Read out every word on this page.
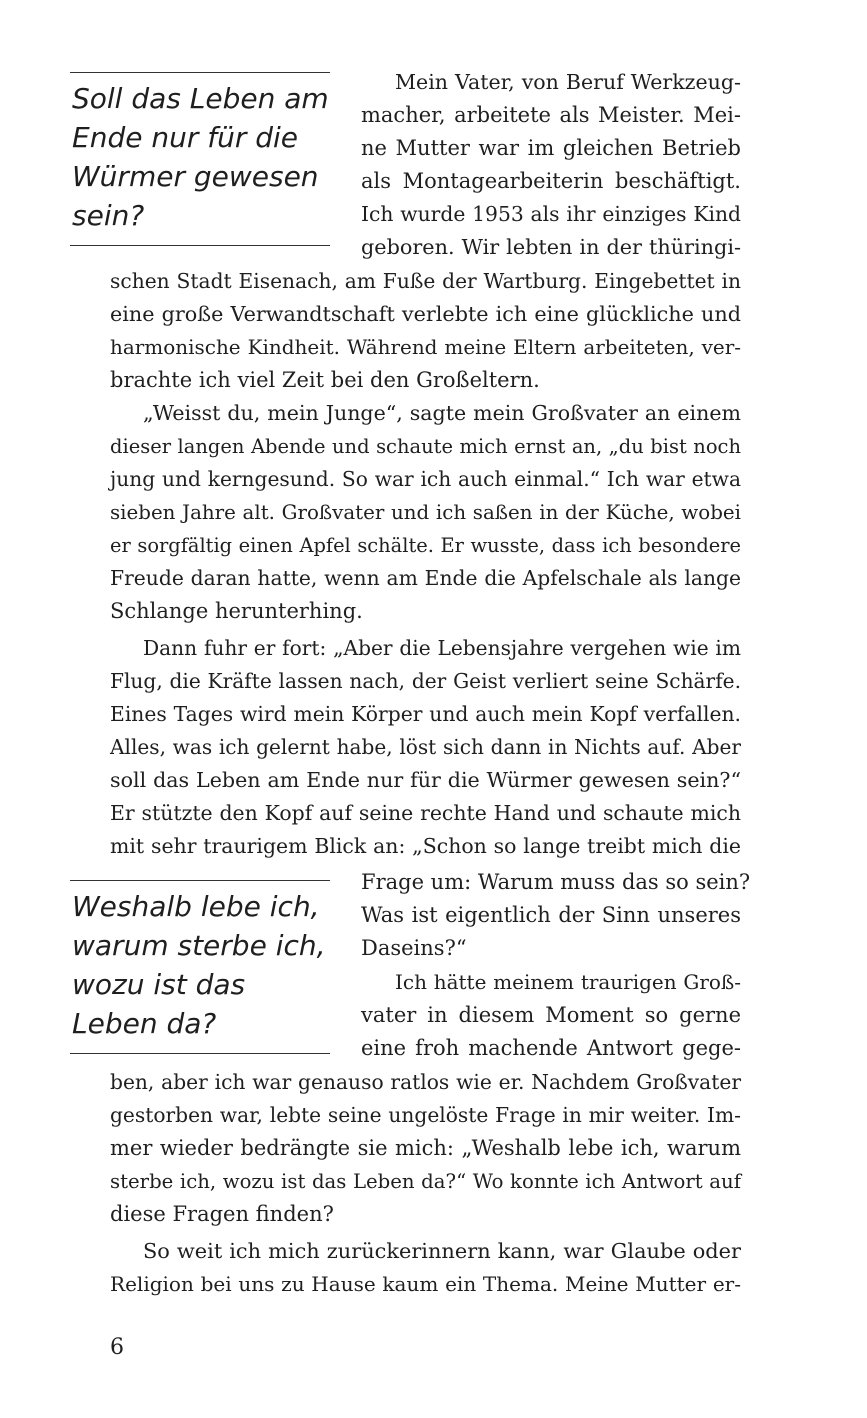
Soll das Leben am

Ende nur für die

Würmer gewesen

sein?

Weshalb lebe ich,

warum sterbe ich,

wozu ist das

Leben da?

Mein Vater, von Beruf Werkzeug-

macher, arbeitete als Meister. Mei-

ne Mutter war im gleichen Betrieb

als Montagearbeiterin beschäftigt.

Ich wurde 1953 als ihr einziges Kind

geboren. Wir lebten in der thüringi-

schen Stadt Eisenach, am Fuße der Wartburg. Eingebettet in

eine große Verwandtschaft verlebte ich eine glückliche und

harmonische Kindheit. Während meine Eltern arbeiteten, ver-

brachte ich viel Zeit bei den Großeltern.

„Weisst du, mein Junge“, sagte mein Großvater an einem

dieser langen Abende und schaute mich ernst an, „du bist noch

jung und kerngesund. So war ich auch einmal.“ Ich war etwa

sieben Jahre alt. Großvater und ich saßen in der Küche, wobei

er sorgfältig einen Apfel schälte. Er wusste, dass ich besondere

Freude daran hatte, wenn am Ende die Apfelschale als lange

Schlange herunterhing.

Dann fuhr er fort: „Aber die Lebensjahre vergehen wie im

Flug, die Kräfte lassen nach, der Geist verliert seine Schärfe.

Eines Tages wird mein Körper und auch mein Kopf verfallen.

Alles, was ich gelernt habe, löst sich dann in Nichts auf. Aber

soll das Leben am Ende nur für die Würmer gewesen sein?“

Er stützte den Kopf auf seine rechte Hand und schaute mich

mit sehr traurigem Blick an: „Schon so lange treibt mich die

Frage um: Warum muss das so sein?

Was ist eigentlich der Sinn unseres

Daseins?“

Ich hätte meinem traurigen Groß-

vater in diesem Moment so gerne

eine froh machende Antwort gege-

ben, aber ich war genauso ratlos wie er. Nachdem Großvater

gestorben war, lebte seine ungelöste Frage in mir weiter. Im-

mer wieder bedrängte sie mich: „Weshalb lebe ich, warum

sterbe ich, wozu ist das Leben da?“ Wo konnte ich Antwort auf

diese Fragen finden?

So weit ich mich zurückerinnern kann, war Glaube oder

Religion bei uns zu Hause kaum ein Thema. Meine Mutter er-

6
